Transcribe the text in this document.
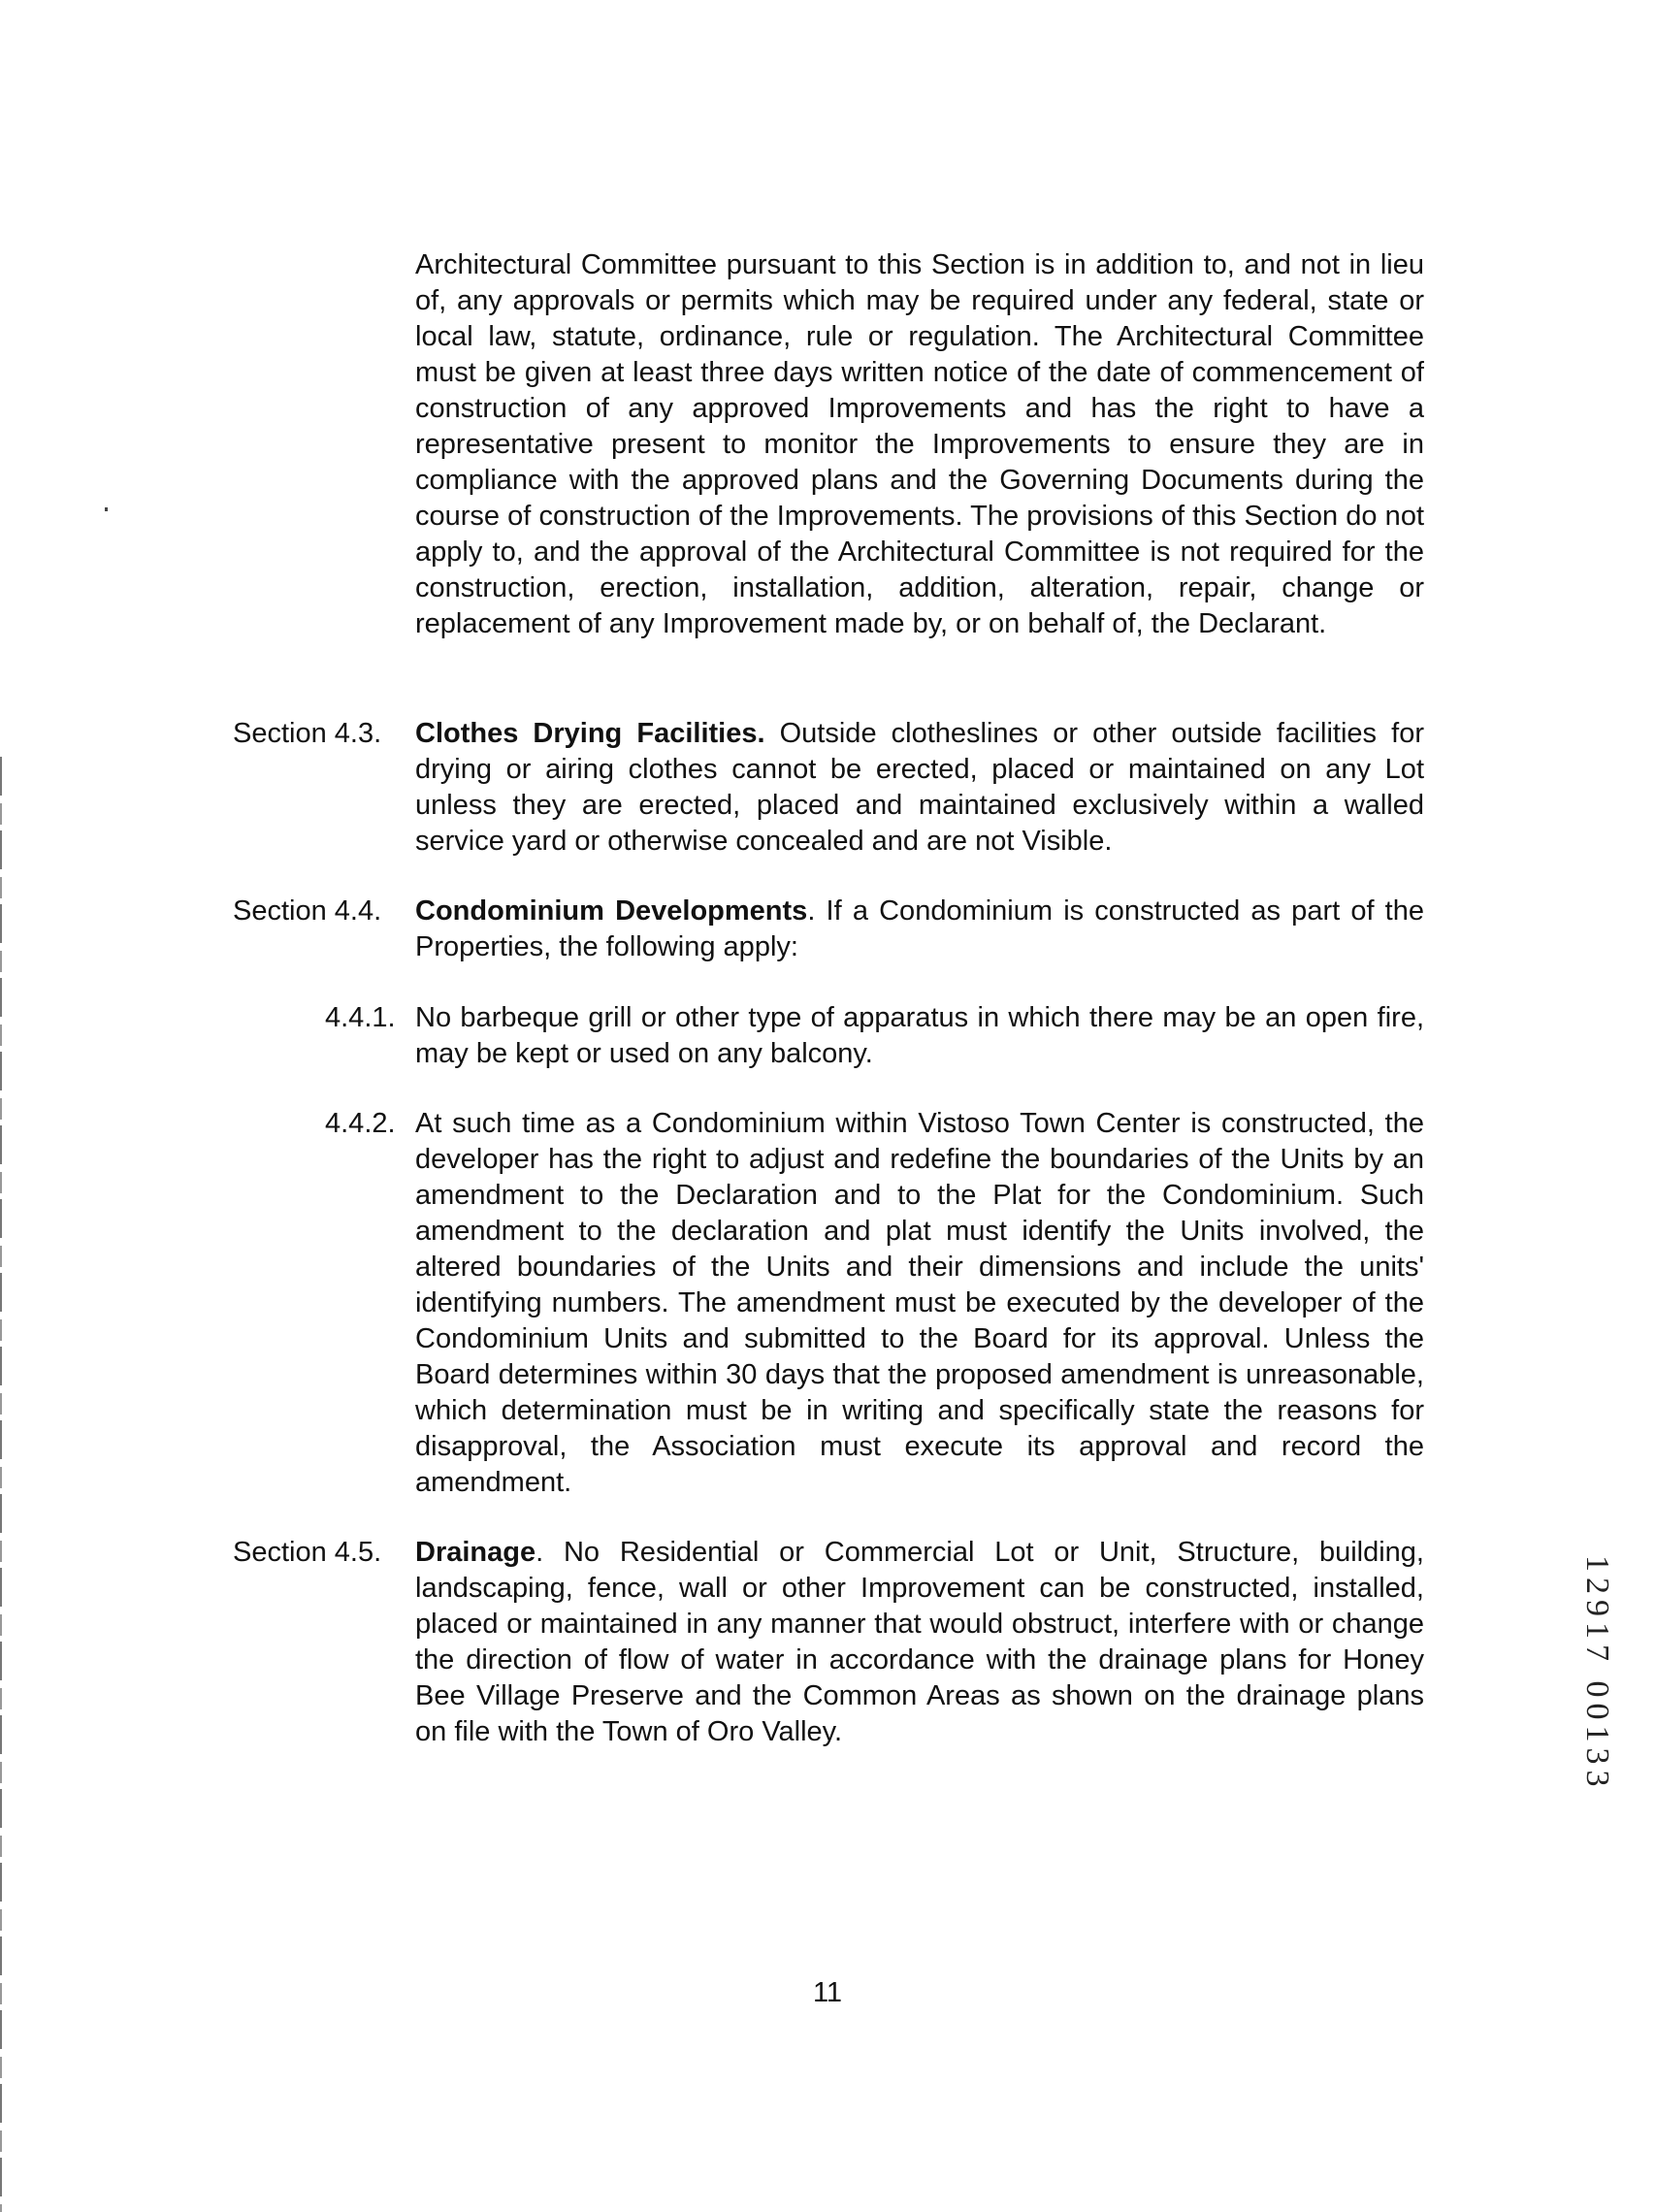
Architectural Committee pursuant to this Section is in addition to, and not in lieu of, any approvals or permits which may be required under any federal, state or local law, statute, ordinance, rule or regulation. The Architectural Committee must be given at least three days written notice of the date of commencement of construction of any approved Improvements and has the right to have a representative present to monitor the Improvements to ensure they are in compliance with the approved plans and the Governing Documents during the course of construction of the Improvements. The provisions of this Section do not apply to, and the approval of the Architectural Committee is not required for the construction, erection, installation, addition, alteration, repair, change or replacement of any Improvement made by, or on behalf of, the Declarant.

Section 4.3.	Clothes Drying Facilities. Outside clotheslines or other outside facilities for drying or airing clothes cannot be erected, placed or maintained on any Lot unless they are erected, placed and maintained exclusively within a walled service yard or otherwise concealed and are not Visible.
Section 4.4.	Condominium Developments. If a Condominium is constructed as part of the Properties, the following apply:
4.4.1. No barbeque grill or other type of apparatus in which there may be an open fire, may be kept or used on any balcony.
4.4.2. At such time as a Condominium within Vistoso Town Center is constructed, the developer has the right to adjust and redefine the boundaries of the Units by an amendment to the Declaration and to the Plat for the Condominium. Such amendment to the declaration and plat must identify the Units involved, the altered boundaries of the Units and their dimensions and include the units' identifying numbers. The amendment must be executed by the developer of the Condominium Units and submitted to the Board for its approval. Unless the Board determines within 30 days that the proposed amendment is unreasonable, which determination must be in writing and specifically state the reasons for disapproval, the Association must execute its approval and record the amendment.
Section 4.5.	Drainage. No Residential or Commercial Lot or Unit, Structure, building, landscaping, fence, wall or other Improvement can be constructed, installed, placed or maintained in any manner that would obstruct, interfere with or change the direction of flow of water in accordance with the drainage plans for Honey Bee Village Preserve and the Common Areas as shown on the drainage plans on file with the Town of Oro Valley.
11
12917 00133
